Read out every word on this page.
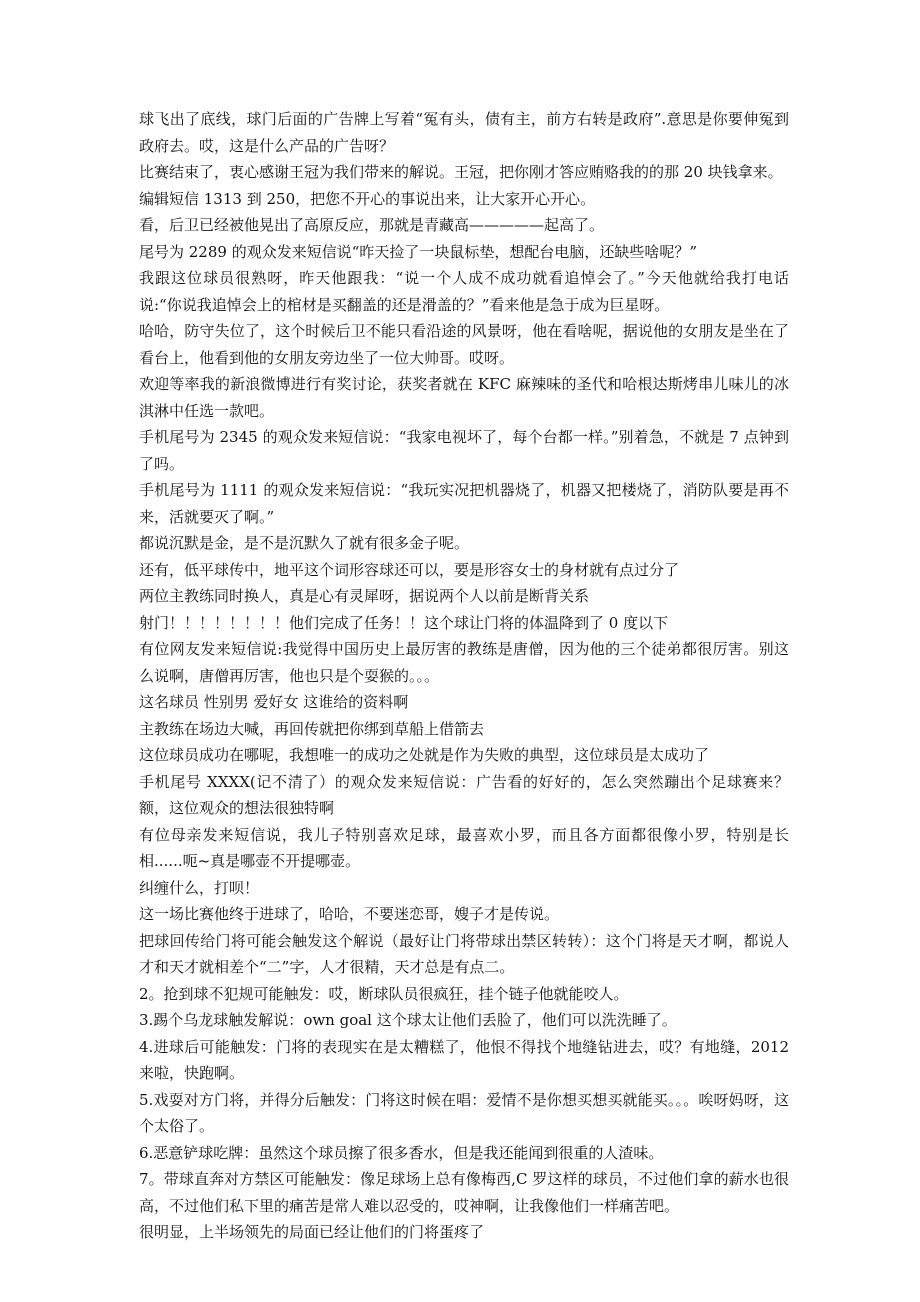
球飞出了底线，球门后面的广告牌上写着“冤有头，债有主，前方右转是政府”.意思是你要伸冤到政府去。哎，这是什么产品的广告呀？

比赛结束了，衷心感谢王冠为我们带来的解说。王冠，把你刚才答应贿赂我的的那 20 块钱拿来。

编辑短信 1313 到 250，把您不开心的事说出来，让大家开心开心。

看，后卫已经被他晃出了高原反应，那就是青藏高—————起高了。

尾号为 2289 的观众发来短信说“昨天捡了一块鼠标垫，想配台电脑，还缺些啥呢？”

我跟这位球员很熟呀，昨天他跟我：“说一个人成不成功就看追悼会了。”今天他就给我打电话说:“你说我追悼会上的棺材是买翻盖的还是滑盖的？”看来他是急于成为巨星呀。

哈哈，防守失位了，这个时候后卫不能只看沿途的风景呀，他在看啥呢，据说他的女朋友是坐在了看台上，他看到他的女朋友旁边坐了一位大帅哥。哎呀。

欢迎等率我的新浪微博进行有奖讨论，获奖者就在 KFC 麻辣味的圣代和哈根达斯烤串儿味儿的冰淇淋中任选一款吧。

手机尾号为 2345 的观众发来短信说：“我家电视坏了，每个台都一样。”别着急，不就是 7 点钟到了吗。

手机尾号为 1111 的观众发来短信说：“我玩实况把机器烧了，机器又把楼烧了，消防队要是再不来，活就要灭了啊。”

都说沉默是金，是不是沉默久了就有很多金子呢。

还有，低平球传中，地平这个词形容球还可以，要是形容女士的身材就有点过分了

两位主教练同时换人，真是心有灵犀呀，据说两个人以前是断背关系

射门！！！！！！！！他们完成了任务！！这个球让门将的体温降到了 0 度以下

有位网友发来短信说:我觉得中国历史上最厉害的教练是唐僧，因为他的三个徒弟都很厉害。别这么说啊，唐僧再厉害，他也只是个耍猴的。。。

这名球员 性别男 爱好女 这谁给的资料啊

主教练在场边大喊，再回传就把你绑到草船上借箭去

这位球员成功在哪呢，我想唯一的成功之处就是作为失败的典型，这位球员是太成功了

手机尾号 XXXX(记不清了）的观众发来短信说：广告看的好好的，怎么突然蹦出个足球赛来？额，这位观众的想法很独特啊

有位母亲发来短信说，我儿子特别喜欢足球，最喜欢小罗，而且各方面都很像小罗，特别是长相......呃~真是哪壶不开提哪壶。

纠缠什么，打呗！

这一场比赛他终于进球了，哈哈，不要迷恋哥，嫂子才是传说。

把球回传给门将可能会触发这个解说（最好让门将带球出禁区转转）：这个门将是天才啊，都说人才和天才就相差个“二”字，人才很精，天才总是有点二。

2。抢到球不犯规可能触发：哎，断球队员很疯狂，挂个链子他就能咬人。

3.踢个乌龙球触发解说：own goal 这个球太让他们丢脸了，他们可以洗洗睡了。

4.进球后可能触发：门将的表现实在是太糟糕了，他恨不得找个地缝钻进去，哎？有地缝，2012 来啦，快跑啊。

5.戏耍对方门将，并得分后触发：门将这时候在唱：爱情不是你想买想买就能买。。。唉呀妈呀，这个太俗了。

6.恶意铲球吃牌：虽然这个球员擦了很多香水，但是我还能闻到很重的人渣味。

7。带球直奔对方禁区可能触发：像足球场上总有像梅西,C 罗这样的球员，不过他们拿的薪水也很高，不过他们私下里的痛苦是常人难以忍受的，哎神啊，让我像他们一样痛苦吧。

很明显，上半场领先的局面已经让他们的门将蛋疼了
